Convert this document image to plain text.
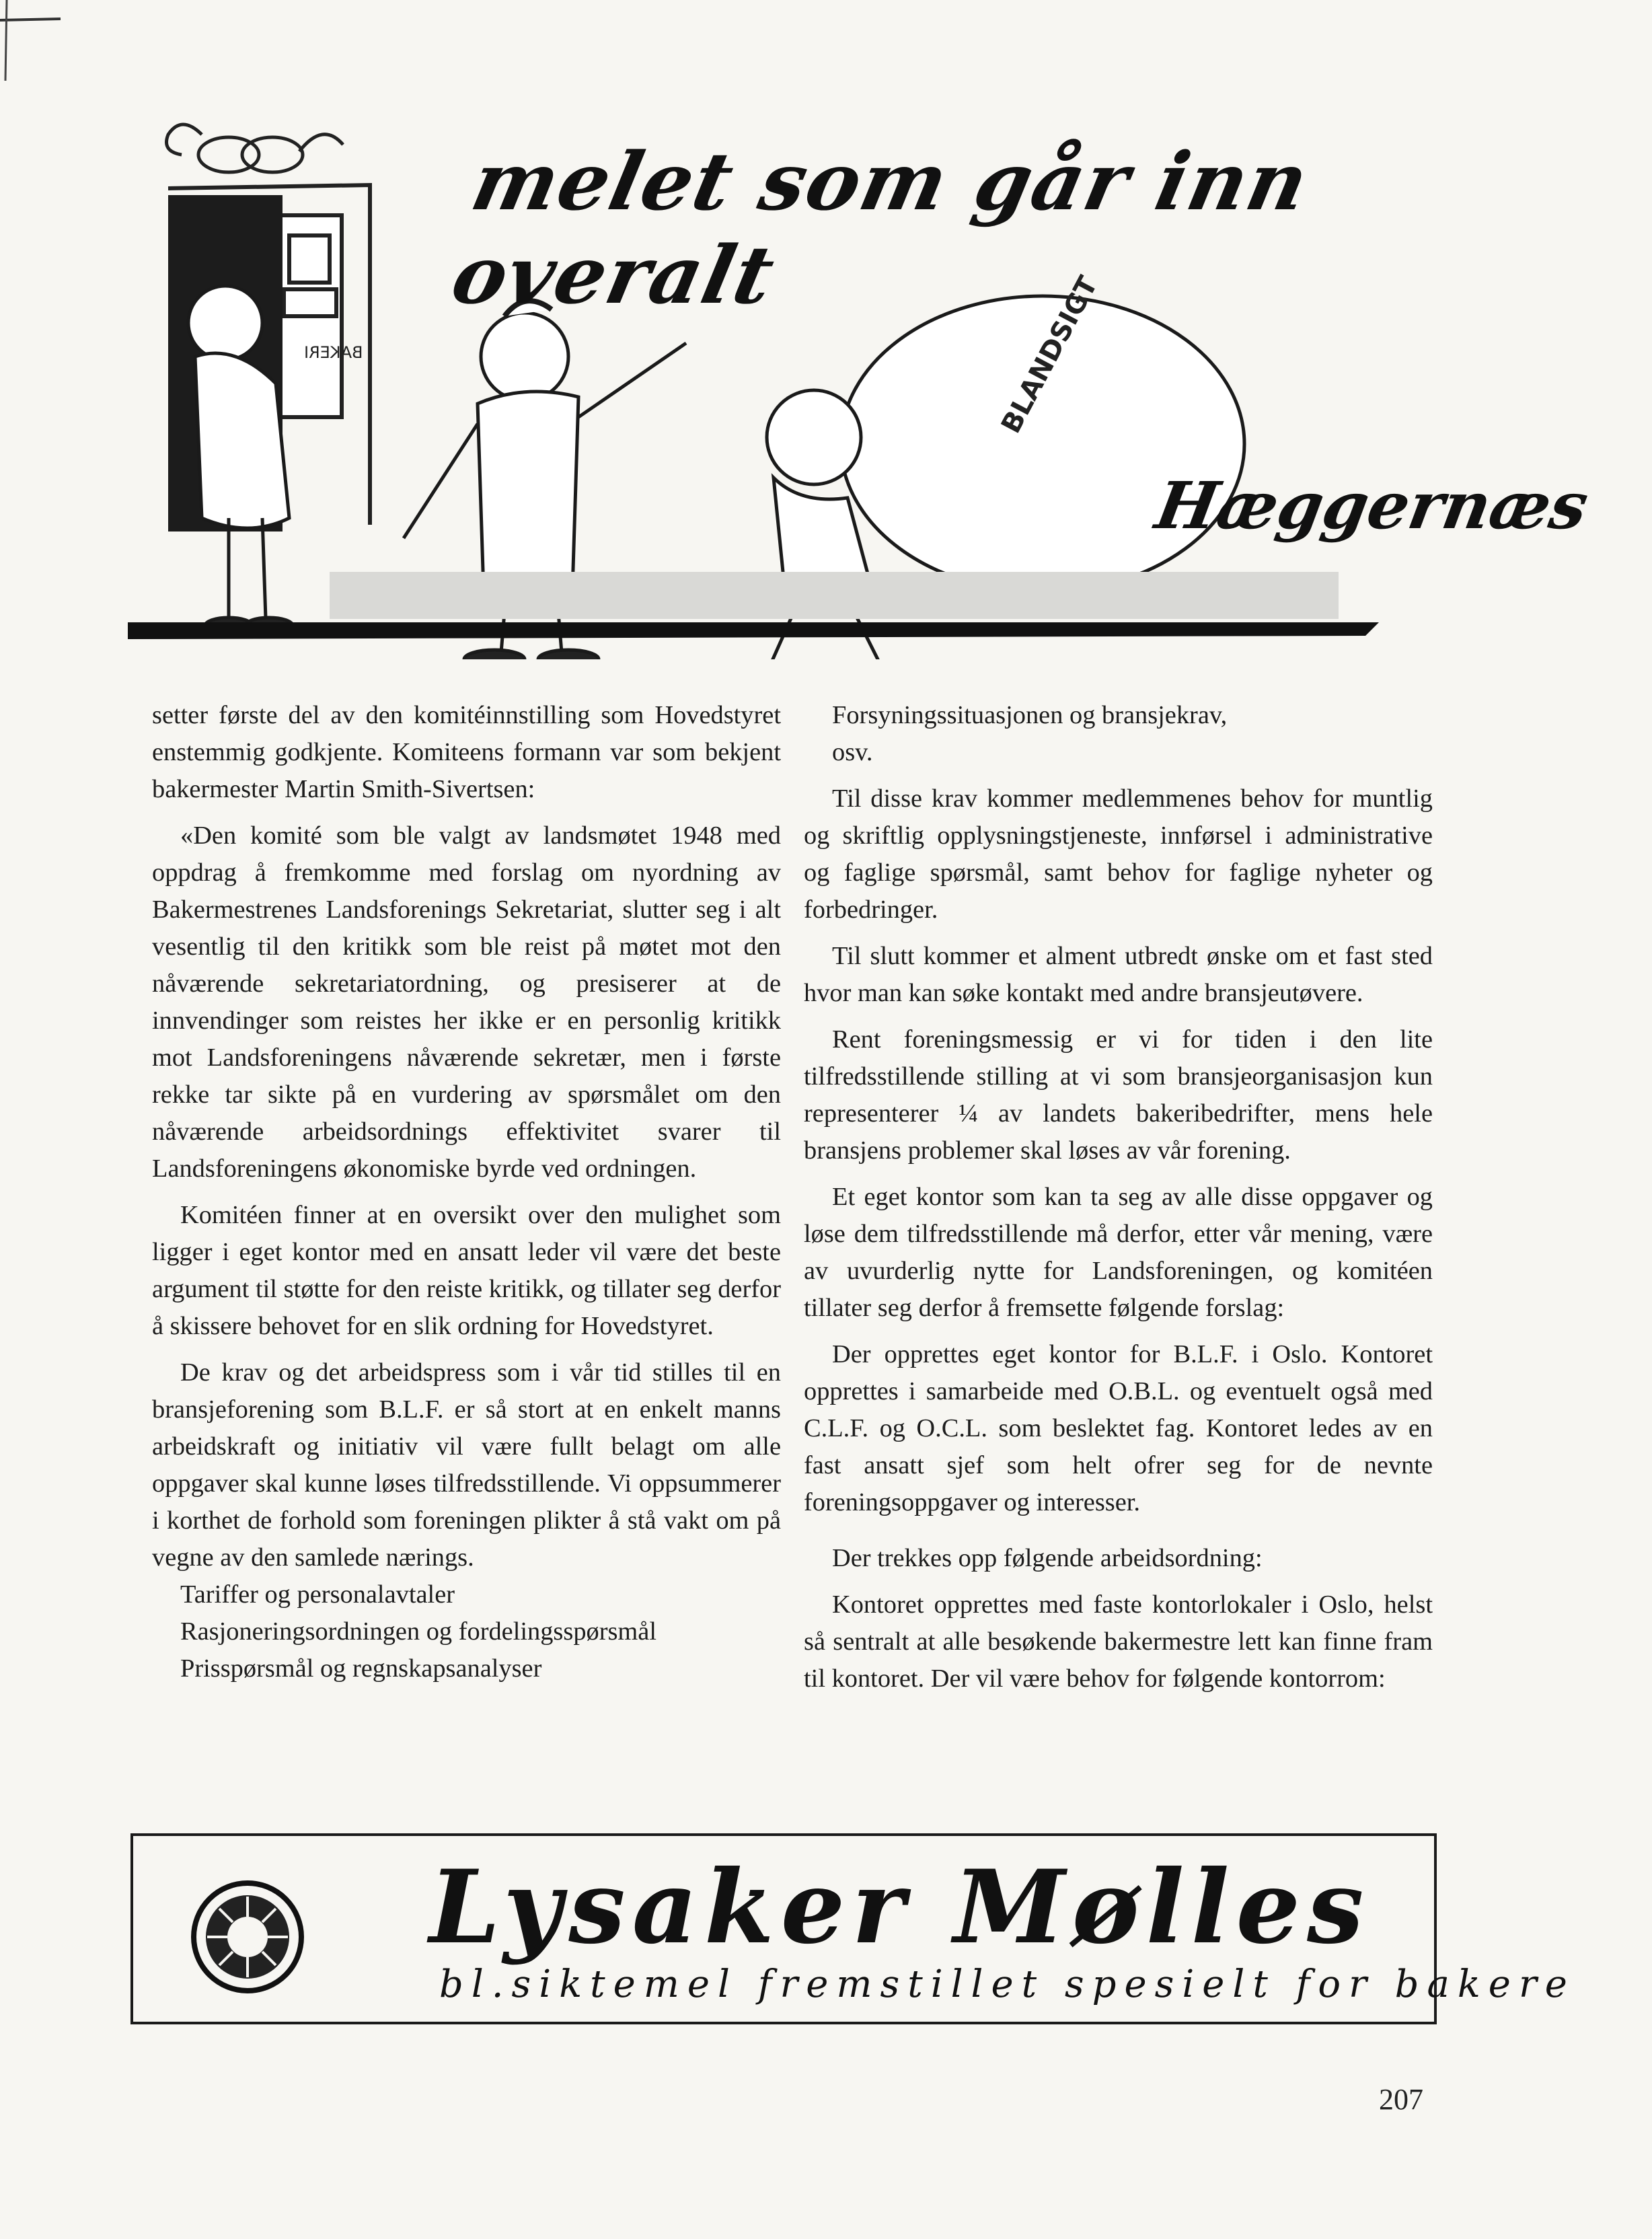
melet som går inn overalt	BLANDSIGT
BAKERI
Hæggernæs

setter første del av den komitéinnstilling som Hovedstyret enstemmig godkjente. Komiteens formann var som bekjent bakermester Martin Smith-Sivertsen:

«Den komité som ble valgt av landsmøtet 1948 med oppdrag å fremkomme med forslag om nyordning av Bakermestrenes Landsforenings Sekretariat, slutter seg i alt vesentlig til den kritikk som ble reist på møtet mot den nåværende sekretariatordning, og presiserer at de innvendinger som reistes her ikke er en personlig kritikk mot Landsforeningens nåværende sekretær, men i første rekke tar sikte på en vurdering av spørsmålet om den nåværende arbeidsordnings effektivitet svarer til Landsforeningens økonomiske byrde ved ordningen.

Komitéen finner at en oversikt over den mulighet som ligger i eget kontor med en ansatt leder vil være det beste argument til støtte for den reiste kritikk, og tillater seg derfor å skissere behovet for en slik ordning for Hovedstyret.

De krav og det arbeidspress som i vår tid stilles til en bransjeforening som B.L.F. er så stort at en enkelt manns arbeidskraft og initiativ vil være fullt belagt om alle oppgaver skal kunne løses tilfredsstillende. Vi oppsummerer i korthet de forhold som foreningen plikter å stå vakt om på vegne av den samlede nærings.

Tariffer og personalavtaler

Rasjoneringsordningen og fordelingsspørsmål

Prisspørsmål og regnskapsanalyser

Forsyningssituasjonen og bransjekrav,

osv.

Til disse krav kommer medlemmenes behov for muntlig og skriftlig opplysningstjeneste, innførsel i administrative og faglige spørsmål, samt behov for faglige nyheter og forbedringer.

Til slutt kommer et alment utbredt ønske om et fast sted hvor man kan søke kontakt med andre bransjeutøvere.

Rent foreningsmessig er vi for tiden i den lite tilfredsstillende stilling at vi som bransjeorganisasjon kun representerer ¼ av landets bakeribedrifter, mens hele bransjens problemer skal løses av vår forening.

Et eget kontor som kan ta seg av alle disse oppgaver og løse dem tilfredsstillende må derfor, etter vår mening, være av uvurderlig nytte for Landsforeningen, og komitéen tillater seg derfor å fremsette følgende forslag:

Der opprettes eget kontor for B.L.F. i Oslo. Kontoret opprettes i samarbeide med O.B.L. og eventuelt også med C.L.F. og O.C.L. som beslektet fag. Kontoret ledes av en fast ansatt sjef som helt ofrer seg for de nevnte foreningsoppgaver og interesser.

Der trekkes opp følgende arbeidsordning:

Kontoret opprettes med faste kontorlokaler i Oslo, helst så sentralt at alle besøkende bakermestre lett kan finne fram til kontoret. Der vil være behov for følgende kontorrom:

Lysaker Mølles
bl.siktemel fremstillet spesielt for bakere
207
